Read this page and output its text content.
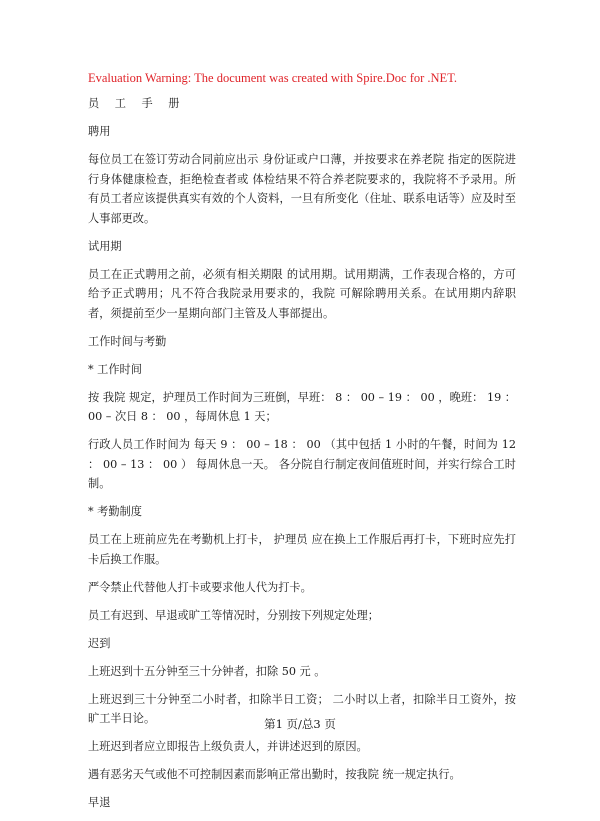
Evaluation Warning: The document was created with Spire.Doc for .NET.
员 工 手 册
聘用
每位员工在签订劳动合同前应出示 身份证或户口薄，并按要求在养老院 指定的医院进行身体健康检查，拒绝检查者或 体检结果不符合养老院要求的，我院将不予录用。所有员工者应该提供真实有效的个人资料，一旦有所变化（住址、联系电话等）应及时至人事部更改。
试用期
员工在正式聘用之前，必须有相关期限 的试用期。试用期满，工作表现合格的，方可给予正式聘用；凡不符合我院录用要求的，我院 可解除聘用关系。在试用期内辞职者，须提前至少一星期向部门主管及人事部提出。
工作时间与考勤
* 工作时间
按 我院 规定，护理员工作时间为三班倒，早班： 8 ： 00 – 19 ： 00 ，晚班： 19 ： 00 – 次日 8 ： 00 ，每周休息 1 天；
行政人员工作时间为 每天 9 ： 00 – 18 ： 00 （其中包括 1 小时的午餐，时间为 12 ： 00 – 13 ： 00 ） 每周休息一天。 各分院自行制定夜间值班时间，并实行综合工时制。
* 考勤制度
员工在上班前应先在考勤机上打卡， 护理员 应在换上工作服后再打卡，下班时应先打卡后换工作服。
严令禁止代替他人打卡或要求他人代为打卡。
员工有迟到、早退或旷工等情况时，分别按下列规定处理；
迟到
上班迟到十五分钟至三十分钟者，扣除 50 元 。
上班迟到三十分钟至二小时者，扣除半日工资； 二小时以上者，扣除半日工资外，按旷工半日论。
上班迟到者应立即报告上级负责人，并讲述迟到的原因。
遇有恶劣天气或他不可控制因素而影响正常出勤时，按我院 统一规定执行。
早退
第1 页/总3 页
